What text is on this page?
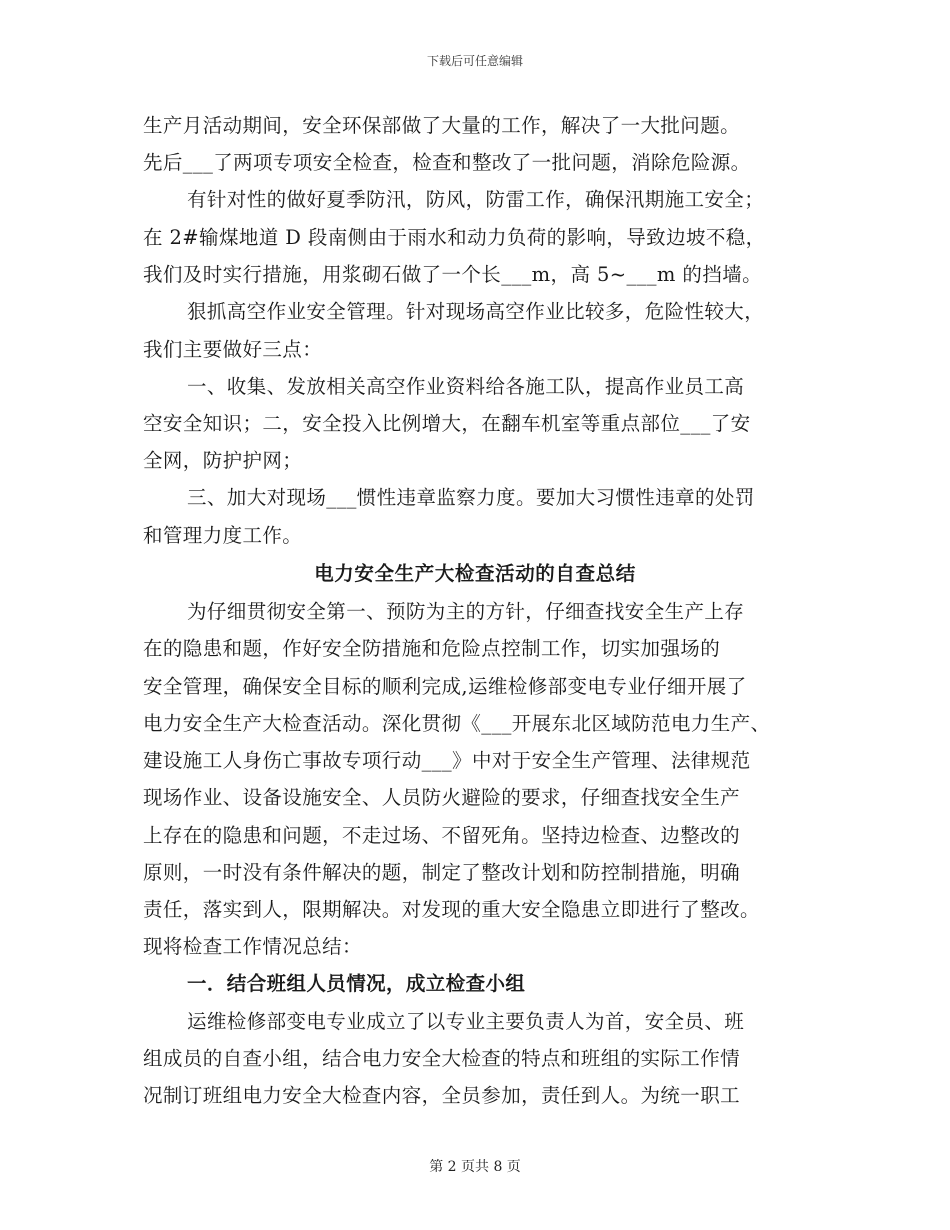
下载后可任意编辑
生产月活动期间，安全环保部做了大量的工作，解决了一大批问题。
先后___了两项专项安全检查，检查和整改了一批问题，消除危险源。
有针对性的做好夏季防汛，防风，防雷工作，确保汛期施工安全；
在 2#输煤地道 D 段南侧由于雨水和动力负荷的影响，导致边坡不稳，
我们及时实行措施，用浆砌石做了一个长___m，高 5~___m 的挡墙。
狠抓高空作业安全管理。针对现场高空作业比较多，危险性较大，
我们主要做好三点：
一、收集、发放相关高空作业资料给各施工队，提高作业员工高
空安全知识；二，安全投入比例增大，在翻车机室等重点部位___了安
全网，防护护网；
三、加大对现场___惯性违章监察力度。要加大习惯性违章的处罚
和管理力度工作。
电力安全生产大检查活动的自查总结
为仔细贯彻安全第一、预防为主的方针，仔细查找安全生产上存
在的隐患和题，作好安全防措施和危险点控制工作，切实加强场的
安全管理，确保安全目标的顺利完成,运维检修部变电专业仔细开展了
电力安全生产大检查活动。深化贯彻《___开展东北区域防范电力生产、
建设施工人身伤亡事故专项行动___》中对于安全生产管理、法律规范
现场作业、设备设施安全、人员防火避险的要求，仔细查找安全生产
上存在的隐患和问题，不走过场、不留死角。坚持边检查、边整改的
原则，一时没有条件解决的题，制定了整改计划和防控制措施，明确
责任，落实到人，限期解决。对发现的重大安全隐患立即进行了整改。
现将检查工作情况总结：
一．结合班组人员情况，成立检查小组
运维检修部变电专业成立了以专业主要负责人为首，安全员、班
组成员的自查小组，结合电力安全大检查的特点和班组的实际工作情
况制订班组电力安全大检查内容，全员参加，责任到人。为统一职工
第 2 页共 8 页
